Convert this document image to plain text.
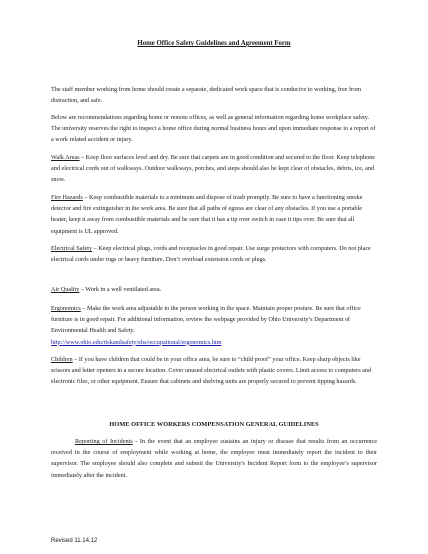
Home Office Safety Guidelines and Agreement Form

The staff member working from home should create a separate, dedicated work space that is conducive to working, free from distraction, and safe.

Below are recommendations regarding home or remote offices, as well as general information regarding home workplace safety. The university reserves the right to inspect a home office during normal business hours and upon immediate response to a report of a work related accident or injury.

Walk Areas – Keep floor surfaces level and dry. Be sure that carpets are in good condition and secured to the floor. Keep telephone and electrical cords out of walkways. Outdoor walkways, porches, and steps should also be kept clear of obstacles, debris, ice, and snow.

Fire Hazards – Keep combustible materials to a minimum and dispose of trash promptly. Be sure to have a functioning smoke detector and fire extinguisher in the work area. Be sure that all paths of egress are clear of any obstacles. If you use a portable heater, keep it away from combustible materials and be sure that it has a tip over switch in case it tips over. Be sure that all equipment is UL approved.

Electrical Safety – Keep electrical plugs, cords and receptacles in good repair. Use surge protectors with computers. Do not place electrical cords under rugs or heavy furniture. Don’t overload extension cords or plugs.

Air Quality – Work in a well ventilated area.

Ergonomics – Make the work area adjustable to the person working in the space. Maintain proper posture. Be sure that office furniture is in good repair. For additional information, review the webpage provided by Ohio University’s Department of Environmental Health and Safety.
http://www.ohio.edu/riskandsafety/ehs/occupational/ergonomics.htm

Children – If you have children that could be in your office area, be sure to “child proof” your office. Keep sharp objects like scissors and letter openers in a secure location. Cover unused electrical outlets with plastic covers. Limit access to computers and electronic files, or other equipment. Ensure that cabinets and shelving units are properly secured to prevent tipping hazards.

HOME OFFICE WORKERS COMPENSATION GENERAL GUIDELINES

Reporting of Incidents - In the event that an employee sustains an injury or disease that results from an occurrence received in the course of employment while working at home, the employee must immediately report the incident to their supervisor. The employee should also complete and submit the University's Incident Report form to the employee’s supervisor immediately after the incident.

Revised 11.14.12
